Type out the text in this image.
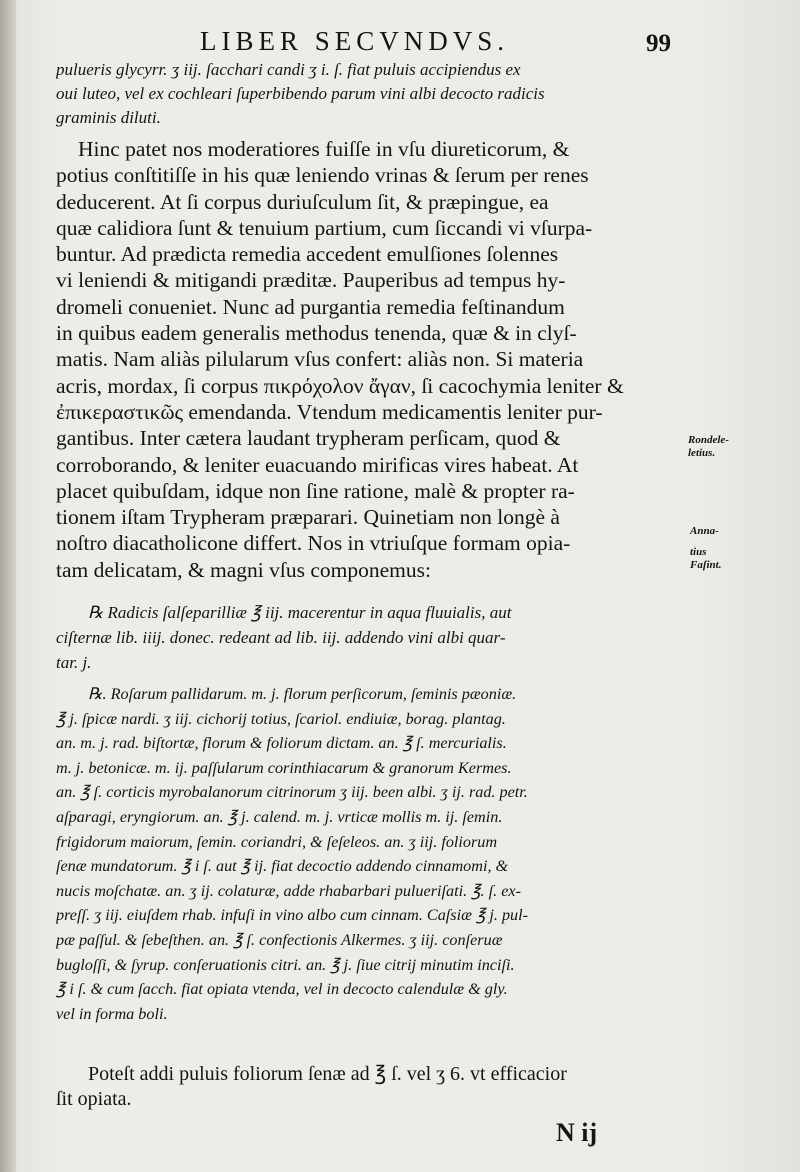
LIBER SECVNDVS.	99
pulueris glycyrr. ʒ iij. ſacchari candi ʒ i. ſ. fiat puluis accipiendus ex
oui luteo, vel ex cochleari ſuperbibendo parum vini albi decocto radicis
graminis diluti.
Hinc patet nos moderatiores fuiſſe in vſu diureticorum, &
potius conſtitiſſe in his quæ leniendo vrinas & ſerum per renes
deducerent. At ſi corpus duriuſculum ſit, & præpingue, ea
quæ calidiora ſunt & tenuium partium, cum ſiccandi vi vſurpa-
buntur. Ad prædicta remedia accedent emulſiones ſolennes
vi leniendi & mitigandi præditæ. Pauperibus ad tempus hy-
dromeli conueniet. Nunc ad purgantia remedia feſtinandum
in quibus eadem generalis methodus tenenda, quæ & in clyſ-
matis. Nam aliàs pilularum vſus confert: aliàs non. Si materia
acris, mordax, ſi corpus πικρόχολον ἄγαν, ſi cacochymia leniter &
ἐπικεραστικῶς emendanda. Vtendum medicamentis leniter pur-
gantibus. Inter cætera laudant trypheram perſicam, quod &
corroborando, & leniter euacuando mirificas vires habeat. At
placet quibuſdam, idque non ſine ratione, malè & propter ra-
tionem iſtam Trypheram præparari. Quinetiam non longè à
noſtro diacatholicone differt. Nos in vtriuſque formam opia-
tam delicatam, & magni vſus componemus:
Rondele-
letius.
Anna-
tius
Faſint.
℞ Radicis ſalſeparilliæ ℥ iij. macerentur in aqua fluuialis, aut
ciſternæ lib. iiij. donec. redeant ad lib. iij. addendo vini albi quar-
tar. j.
℞. Roſarum pallidarum. m. j. florum perſicorum, ſeminis pæoniæ.
℥ j. ſpicæ nardi. ʒ iij. cichorij totius, ſcariol. endiuiæ, borag. plantag.
an. m. j. rad. biſtortæ, florum & foliorum dictam. an. ℥ ſ. mercurialis.
m. j. betonicæ. m. ij. paſſularum corinthiacarum & granorum Kermes.
an. ℥ ſ. corticis myrobalanorum citrinorum ʒ iij. been albi. ʒ ij. rad. petr.
aſparagi, eryngiorum. an. ℥ j. calend. m. j. vrticæ mollis m. ij. ſemin.
frigidorum maiorum, ſemin. coriandri, & ſeſeleos. an. ʒ iij. foliorum
ſenæ mundatorum. ℥ i ſ. aut ℥ ij. fiat decoctio addendo cinnamomi, &
nucis moſchatæ. an. ʒ ij. colaturæ, adde rhabarbari pulueriſati. ℥. ſ. ex-
preſſ. ʒ iij. eiuſdem rhab. infuſi in vino albo cum cinnam. Caſsiæ ℥ j. pul-
pæ paſſul. & ſebeſthen. an. ℥ ſ. confectionis Alkermes. ʒ iij. conſeruæ
bugloſſi, & ſyrup. conſeruationis citri. an. ℥ j. ſiue citrij minutim inciſi.
℥ i ſ. & cum ſacch. fiat opiata vtenda, vel in decocto calendulæ & gly.
vel in forma boli.
Poteſt addi puluis foliorum ſenæ ad ℥ ſ. vel ʒ 6. vt efficacior
ſit opiata.
N ij
